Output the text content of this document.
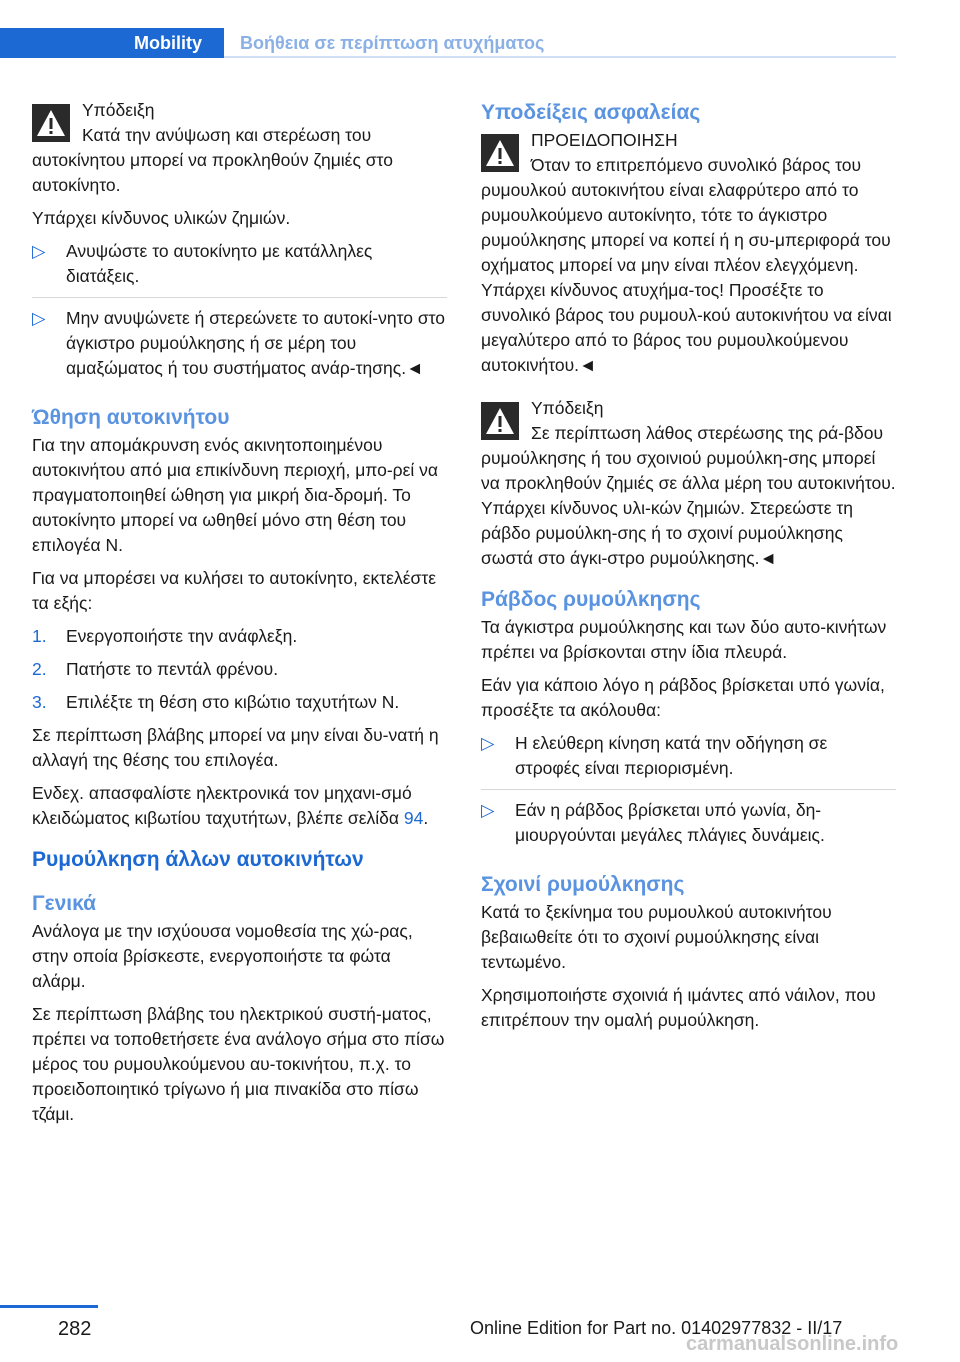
Mobility	Βοήθεια σε περίπτωση ατυχήματος

Υπόδειξη
Κατά την ανύψωση και στερέωση του αυτοκίνητου μπορεί να προκληθούν ζημιές στο αυτοκίνητο.

Υπάρχει κίνδυνος υλικών ζημιών.

▷ Ανυψώστε το αυτοκίνητο με κατάλληλες διατάξεις.
▷ Μην ανυψώνετε ή στερεώνετε το αυτοκί-νητο στο άγκιστρο ρυμούλκησης ή σε μέρη του αμαξώματος ή του συστήματος ανάρ-τησης.◄
Ώθηση αυτοκινήτου

Για την απομάκρυνση ενός ακινητοποιημένου αυτοκινήτου από μια επικίνδυνη περιοχή, μπο-ρεί να πραγματοποιηθεί ώθηση για μικρή δια-δρομή. Το αυτοκίνητο μπορεί να ωθηθεί μόνο στη θέση του επιλογέα N.

Για να μπορέσει να κυλήσει το αυτοκίνητο, εκτελέστε τα εξής:

1. Ενεργοποιήστε την ανάφλεξη.
2. Πατήστε το πεντάλ φρένου.
3. Επιλέξτε τη θέση στο κιβώτιο ταχυτήτων N.

Σε περίπτωση βλάβης μπορεί να μην είναι δυ-νατή η αλλαγή της θέσης του επιλογέα.

Ενδεχ. απασφαλίστε ηλεκτρονικά τον μηχανι-σμό κλειδώματος κιβωτίου ταχυτήτων, βλέπε σελίδα 94.

Ρυμούλκηση άλλων αυτοκινήτων
Γενικά

Ανάλογα με την ισχύουσα νομοθεσία της χώ-ρας, στην οποία βρίσκεστε, ενεργοποιήστε τα φώτα αλάρμ.

Σε περίπτωση βλάβης του ηλεκτρικού συστή-ματος, πρέπει να τοποθετήσετε ένα ανάλογο σήμα στο πίσω μέρος του ρυμουλκούμενου αυ-τοκινήτου, π.χ. το προειδοποιητικό τρίγωνο ή μια πινακίδα στο πίσω τζάμι.

Υποδείξεις ασφαλείας

ΠΡΟΕΙΔΟΠΟΙΗΣΗ
Όταν το επιτρεπόμενο συνολικό βάρος του ρυμουλκού αυτοκινήτου είναι ελαφρύτερο από το ρυμουλκούμενο αυτοκίνητο, τότε το άγκιστρο ρυμούλκησης μπορεί να κοπεί ή η συ-μπεριφορά του οχήματος μπορεί να μην είναι πλέον ελεγχόμενη. Υπάρχει κίνδυνος ατυχήμα-τος! Προσέξτε το συνολικό βάρος του ρυμουλ-κού αυτοκινήτου να είναι μεγαλύτερο από το βάρος του ρυμουλκούμενου αυτοκινήτου.◄

Υπόδειξη
Σε περίπτωση λάθος στερέωσης της ρά-βδου ρυμούλκησης ή του σχοινιού ρυμούλκη-σης μπορεί να προκληθούν ζημιές σε άλλα μέρη του αυτοκινήτου. Υπάρχει κίνδυνος υλι-κών ζημιών. Στερεώστε τη ράβδο ρυμούλκη-σης ή το σχοινί ρυμούλκησης σωστά στο άγκι-στρο ρυμούλκησης.◄

Ράβδος ρυμούλκησης

Τα άγκιστρα ρυμούλκησης και των δύο αυτο-κινήτων πρέπει να βρίσκονται στην ίδια πλευρά.

Εάν για κάποιο λόγο η ράβδος βρίσκεται υπό γωνία, προσέξτε τα ακόλουθα:

▷ Η ελεύθερη κίνηση κατά την οδήγηση σε στροφές είναι περιορισμένη.
▷ Εάν η ράβδος βρίσκεται υπό γωνία, δη-μιουργούνται μεγάλες πλάγιες δυνάμεις.
Σχοινί ρυμούλκησης

Κατά το ξεκίνημα του ρυμουλκού αυτοκινήτου βεβαιωθείτε ότι το σχοινί ρυμούλκησης είναι τεντωμένο.

Χρησιμοποιήστε σχοινιά ή ιμάντες από νάιλον, που επιτρέπουν την ομαλή ρυμούλκηση.

282	Online Edition for Part no. 01402977832 - II/17
carmanualsonline.info
